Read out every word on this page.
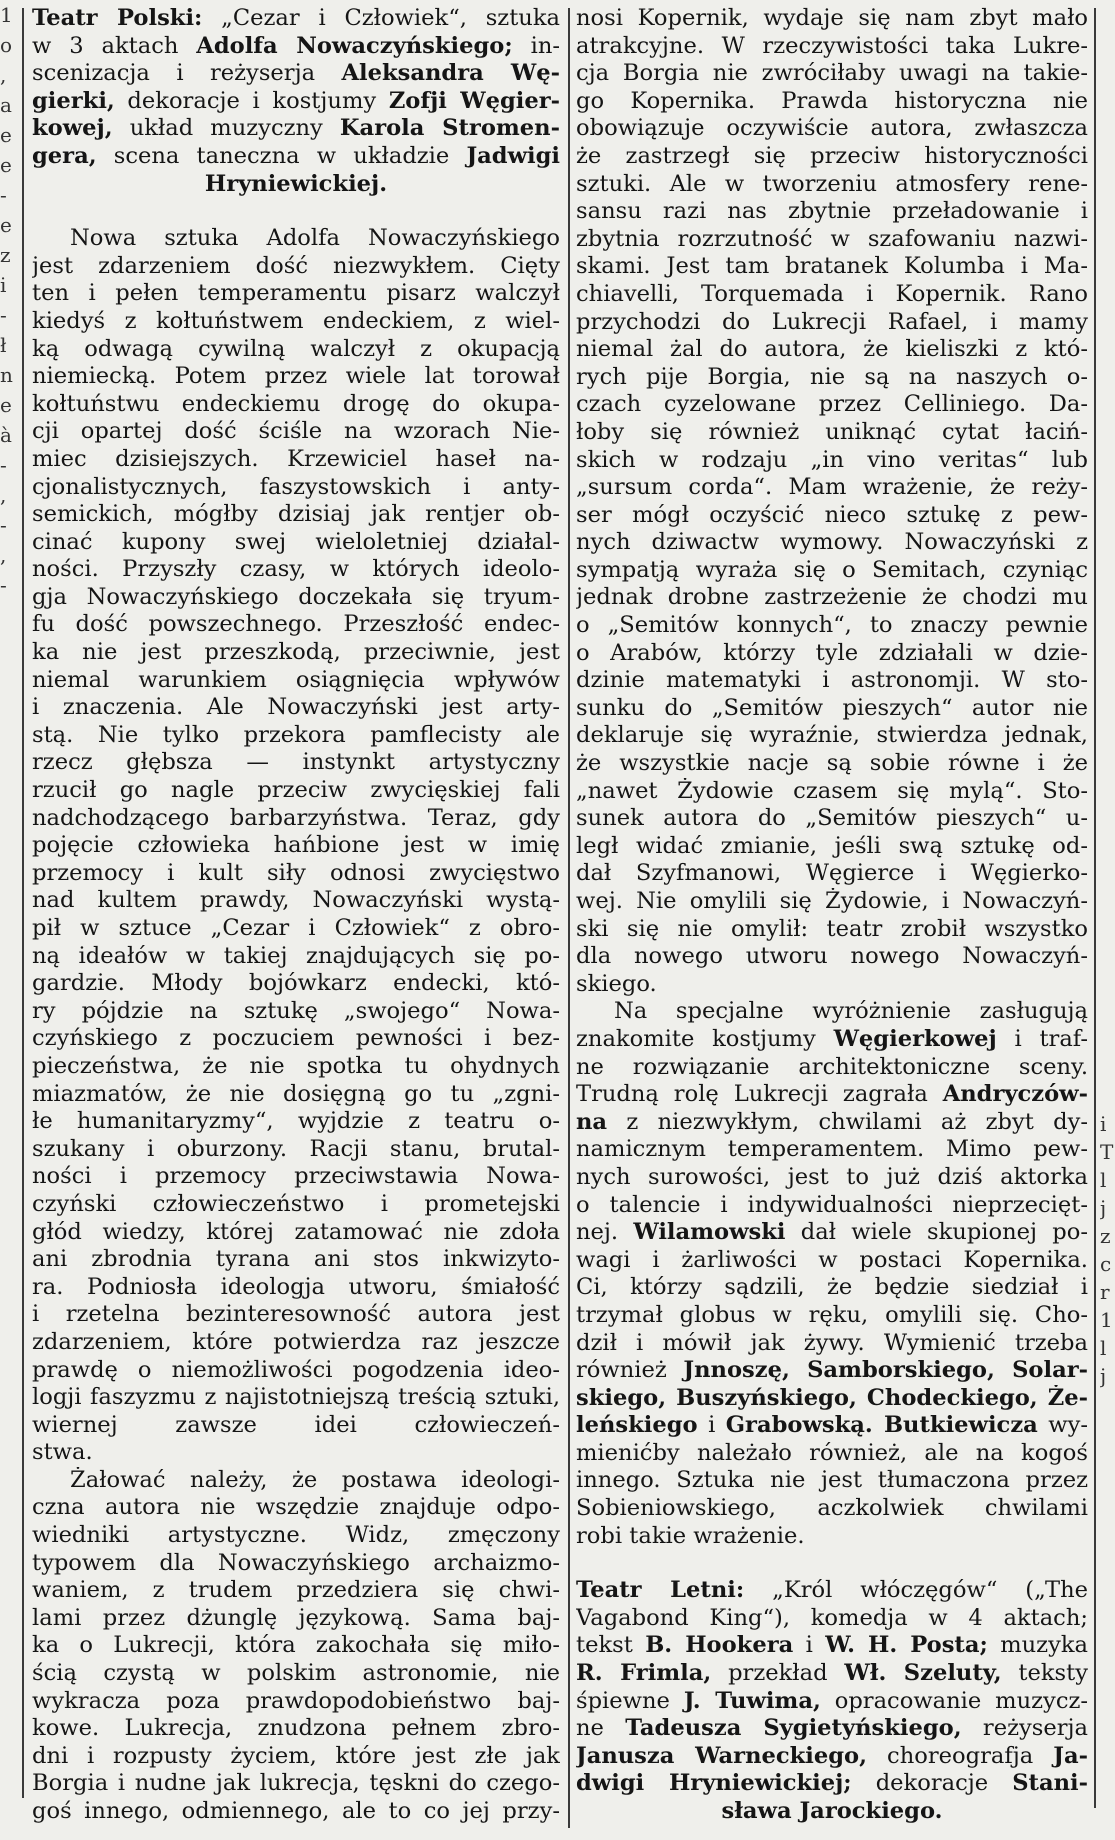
1
o
,
a
e
e
-
e
z
i
-
ł
n
e
à
-
,
-
,
-
i
T
l
j
z
c
r
1
l
j
Teatr Polski: „Cezar i Człowiek“, sztuka
w 3 aktach Adolfa Nowaczyńskiego; in-
scenizacja i reżyserja Aleksandra Wę-
gierki, dekoracje i kostjumy Zofji Węgier-
kowej, układ muzyczny Karola Stromen-
gera, scena taneczna w układzie Jadwigi
Hryniewickiej.
Nowa sztuka Adolfa Nowaczyńskiego
jest zdarzeniem dość niezwykłem. Cięty
ten i pełen temperamentu pisarz walczył
kiedyś z kołtuństwem endeckiem, z wiel-
ką odwagą cywilną walczył z okupacją
niemiecką. Potem przez wiele lat torował
kołtuństwu endeckiemu drogę do okupa-
cji opartej dość ściśle na wzorach Nie-
miec dzisiejszych. Krzewiciel haseł na-
cjonalistycznych, faszystowskich i anty-
semickich, mógłby dzisiaj jak rentjer ob-
cinać kupony swej wieloletniej działal-
ności. Przyszły czasy, w których ideolo-
gja Nowaczyńskiego doczekała się tryum-
fu dość powszechnego. Przeszłość endec-
ka nie jest przeszkodą, przeciwnie, jest
niemal warunkiem osiągnięcia wpływów
i znaczenia. Ale Nowaczyński jest arty-
stą. Nie tylko przekora pamflecisty ale
rzecz głębsza — instynkt artystyczny
rzucił go nagle przeciw zwycięskiej fali
nadchodzącego barbarzyństwa. Teraz, gdy
pojęcie człowieka hańbione jest w imię
przemocy i kult siły odnosi zwycięstwo
nad kultem prawdy, Nowaczyński wystą-
pił w sztuce „Cezar i Człowiek“ z obro-
ną ideałów w takiej znajdujących się po-
gardzie. Młody bojówkarz endecki, któ-
ry pójdzie na sztukę „swojego“ Nowa-
czyńskiego z poczuciem pewności i bez-
pieczeństwa, że nie spotka tu ohydnych
miazmatów, że nie dosięgną go tu „zgni-
łe humanitaryzmy“, wyjdzie z teatru o-
szukany i oburzony. Racji stanu, brutal-
ności i przemocy przeciwstawia Nowa-
czyński człowieczeństwo i prometejski
głód wiedzy, której zatamować nie zdoła
ani zbrodnia tyrana ani stos inkwizyto-
ra. Podniosła ideologja utworu, śmiałość
i rzetelna bezinteresowność autora jest
zdarzeniem, które potwierdza raz jeszcze
prawdę o niemożliwości pogodzenia ideo-
logji faszyzmu z najistotniejszą treścią sztuki,
wiernej zawsze idei człowieczeń-
stwa.
Żałować należy, że postawa ideologi-
czna autora nie wszędzie znajduje odpo-
wiedniki artystyczne. Widz, zmęczony
typowem dla Nowaczyńskiego archaizmo-
waniem, z trudem przedziera się chwi-
lami przez dżunglę językową. Sama baj-
ka o Lukrecji, która zakochała się miło-
ścią czystą w polskim astronomie, nie
wykracza poza prawdopodobieństwo baj-
kowe. Lukrecja, znudzona pełnem zbro-
dni i rozpusty życiem, które jest złe jak
Borgia i nudne jak lukrecja, tęskni do czego-
goś innego, odmiennego, ale to co jej przy-
nosi Kopernik, wydaje się nam zbyt mało
atrakcyjne. W rzeczywistości taka Lukre-
cja Borgia nie zwróciłaby uwagi na takie-
go Kopernika. Prawda historyczna nie
obowiązuje oczywiście autora, zwłaszcza
że zastrzegł się przeciw historyczności
sztuki. Ale w tworzeniu atmosfery rene-
sansu razi nas zbytnie przeładowanie i
zbytnia rozrzutność w szafowaniu nazwi-
skami. Jest tam bratanek Kolumba i Ma-
chiavelli, Torquemada i Kopernik. Rano
przychodzi do Lukrecji Rafael, i mamy
niemal żal do autora, że kieliszki z któ-
rych pije Borgia, nie są na naszych o-
czach cyzelowane przez Celliniego. Da-
łoby się również uniknąć cytat łaciń-
skich w rodzaju „in vino veritas“ lub
„sursum corda“. Mam wrażenie, że reży-
ser mógł oczyścić nieco sztukę z pew-
nych dziwactw wymowy. Nowaczyński z
sympatją wyraża się o Semitach, czyniąc
jednak drobne zastrzeżenie że chodzi mu
o „Semitów konnych“, to znaczy pewnie
o Arabów, którzy tyle zdziałali w dzie-
dzinie matematyki i astronomji. W sto-
sunku do „Semitów pieszych“ autor nie
deklaruje się wyraźnie, stwierdza jednak,
że wszystkie nacje są sobie równe i że
„nawet Żydowie czasem się mylą“. Sto-
sunek autora do „Semitów pieszych“ u-
legł widać zmianie, jeśli swą sztukę od-
dał Szyfmanowi, Węgierce i Węgierko-
wej. Nie omylili się Żydowie, i Nowaczyń-
ski się nie omylił: teatr zrobił wszystko
dla nowego utworu nowego Nowaczyń-
skiego.
Na specjalne wyróżnienie zasługują
znakomite kostjumy Węgierkowej i traf-
ne rozwiązanie architektoniczne sceny.
Trudną rolę Lukrecji zagrała Andryczów-
na z niezwykłym, chwilami aż zbyt dy-
namicznym temperamentem. Mimo pew-
nych surowości, jest to już dziś aktorka
o talencie i indywidualności nieprzecięt-
nej. Wilamowski dał wiele skupionej po-
wagi i żarliwości w postaci Kopernika.
Ci, którzy sądzili, że będzie siedział i
trzymał globus w ręku, omylili się. Cho-
dził i mówił jak żywy. Wymienić trzeba
również Jnnoszę, Samborskiego, Solar-
skiego, Buszyńskiego, Chodeckiego, Że-
leńskiego i Grabowską. Butkiewicza wy-
mienićby należało również, ale na kogoś
innego. Sztuka nie jest tłumaczona przez
Sobieniowskiego, aczkolwiek chwilami
robi takie wrażenie.
Teatr Letni: „Król włóczęgów“ („The
Vagabond King“), komedja w 4 aktach;
tekst B. Hookera i W. H. Posta; muzyka
R. Frimla, przekład Wł. Szeluty, teksty
śpiewne J. Tuwima, opracowanie muzycz-
ne Tadeusza Sygietyńskiego, reżyserja
Janusza Warneckiego, choreografja Ja-
dwigi Hryniewickiej; dekoracje Stani-
sława Jarockiego.
